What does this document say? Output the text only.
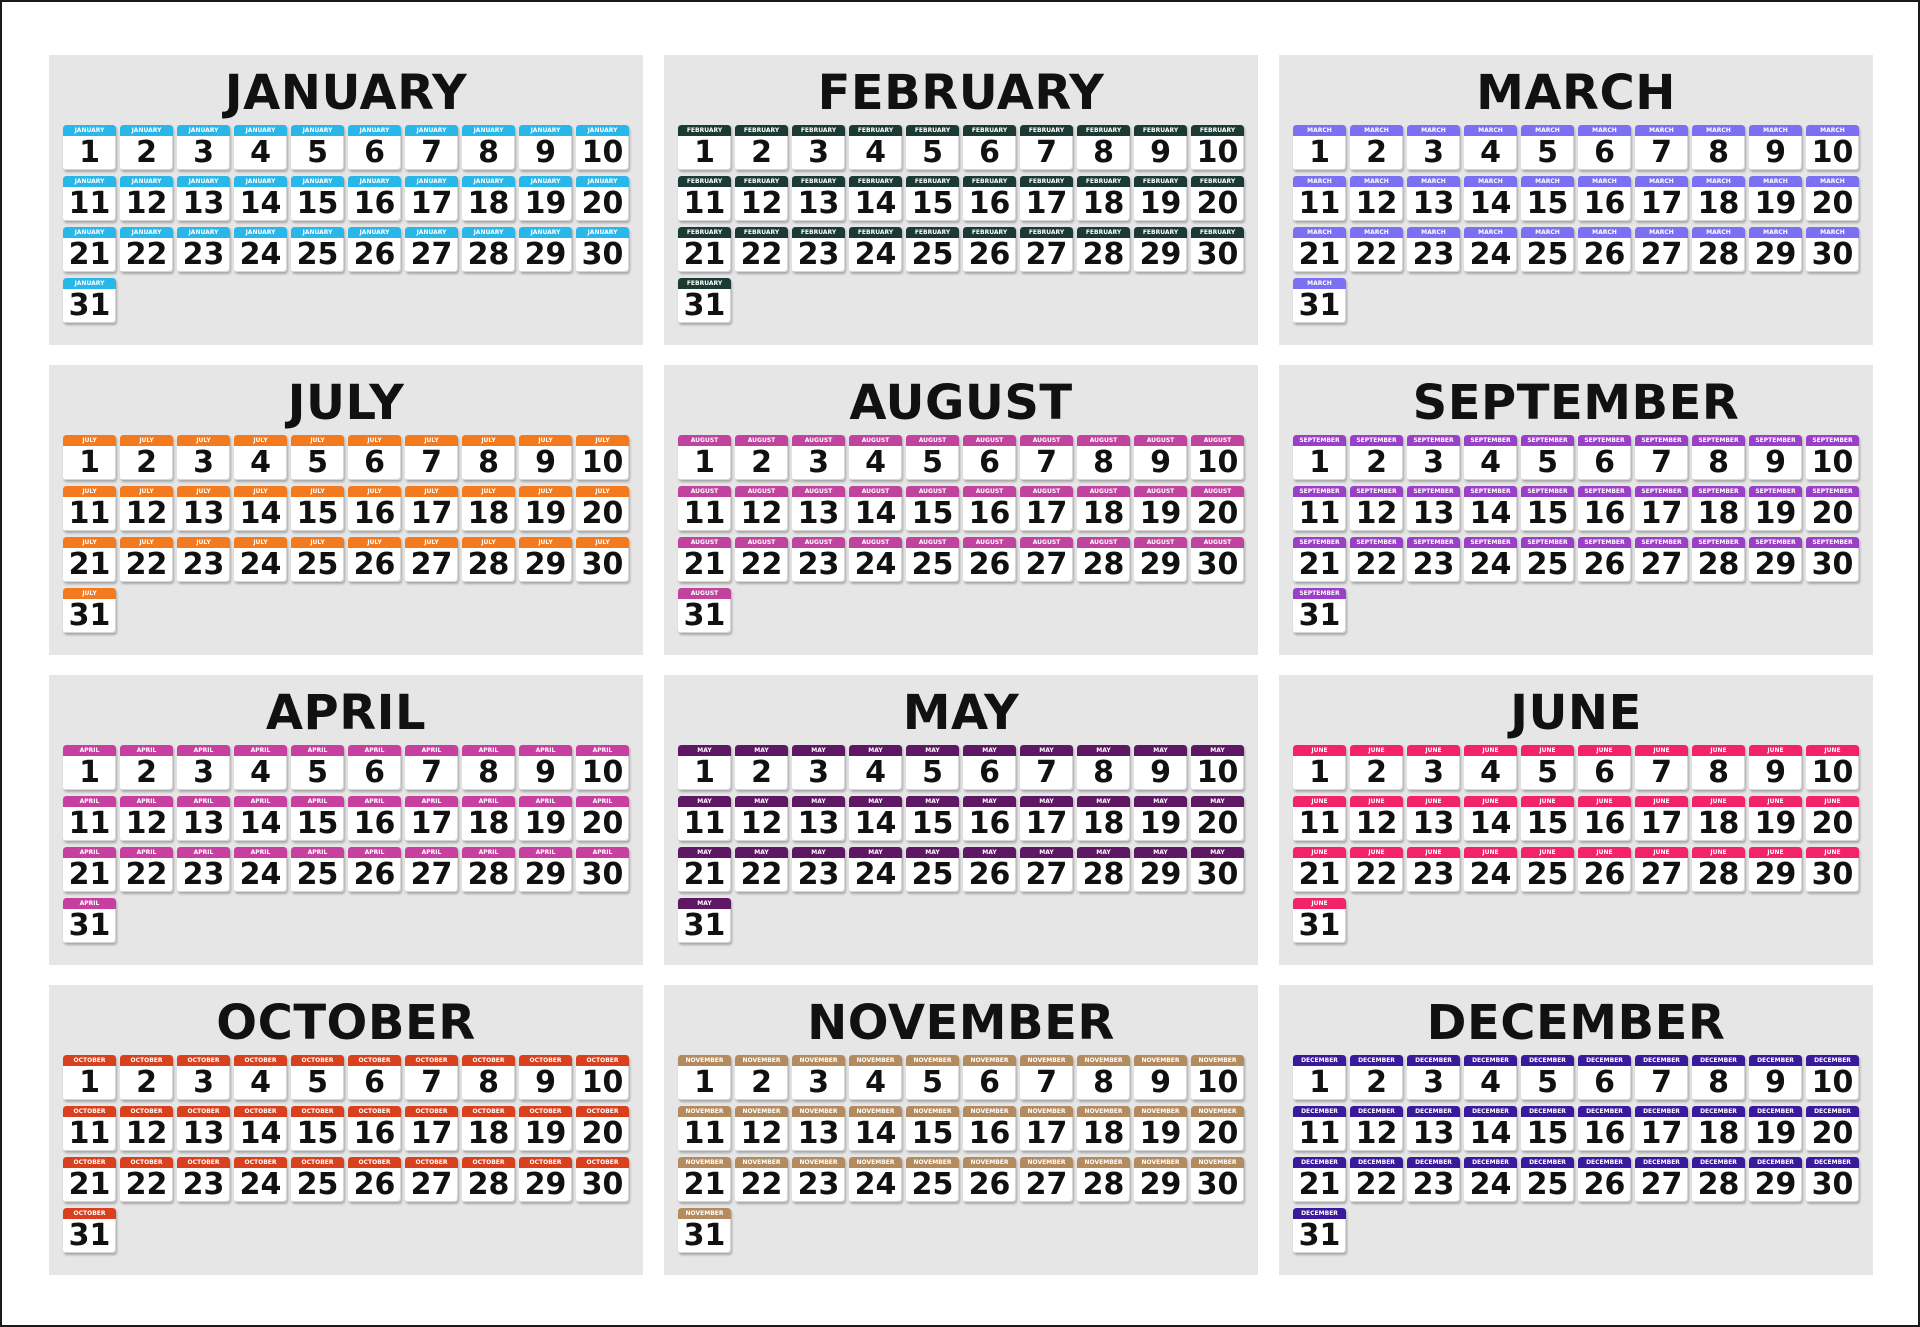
JANUARY
JANUARY
1
JANUARY
2
JANUARY
3
JANUARY
4
JANUARY
5
JANUARY
6
JANUARY
7
JANUARY
8
JANUARY
9
JANUARY
10
JANUARY
11
JANUARY
12
JANUARY
13
JANUARY
14
JANUARY
15
JANUARY
16
JANUARY
17
JANUARY
18
JANUARY
19
JANUARY
20
JANUARY
21
JANUARY
22
JANUARY
23
JANUARY
24
JANUARY
25
JANUARY
26
JANUARY
27
JANUARY
28
JANUARY
29
JANUARY
30
JANUARY
31
FEBRUARY
FEBRUARY
1
FEBRUARY
2
FEBRUARY
3
FEBRUARY
4
FEBRUARY
5
FEBRUARY
6
FEBRUARY
7
FEBRUARY
8
FEBRUARY
9
FEBRUARY
10
FEBRUARY
11
FEBRUARY
12
FEBRUARY
13
FEBRUARY
14
FEBRUARY
15
FEBRUARY
16
FEBRUARY
17
FEBRUARY
18
FEBRUARY
19
FEBRUARY
20
FEBRUARY
21
FEBRUARY
22
FEBRUARY
23
FEBRUARY
24
FEBRUARY
25
FEBRUARY
26
FEBRUARY
27
FEBRUARY
28
FEBRUARY
29
FEBRUARY
30
FEBRUARY
31
MARCH
MARCH
1
MARCH
2
MARCH
3
MARCH
4
MARCH
5
MARCH
6
MARCH
7
MARCH
8
MARCH
9
MARCH
10
MARCH
11
MARCH
12
MARCH
13
MARCH
14
MARCH
15
MARCH
16
MARCH
17
MARCH
18
MARCH
19
MARCH
20
MARCH
21
MARCH
22
MARCH
23
MARCH
24
MARCH
25
MARCH
26
MARCH
27
MARCH
28
MARCH
29
MARCH
30
MARCH
31
JULY
JULY
1
JULY
2
JULY
3
JULY
4
JULY
5
JULY
6
JULY
7
JULY
8
JULY
9
JULY
10
JULY
11
JULY
12
JULY
13
JULY
14
JULY
15
JULY
16
JULY
17
JULY
18
JULY
19
JULY
20
JULY
21
JULY
22
JULY
23
JULY
24
JULY
25
JULY
26
JULY
27
JULY
28
JULY
29
JULY
30
JULY
31
AUGUST
AUGUST
1
AUGUST
2
AUGUST
3
AUGUST
4
AUGUST
5
AUGUST
6
AUGUST
7
AUGUST
8
AUGUST
9
AUGUST
10
AUGUST
11
AUGUST
12
AUGUST
13
AUGUST
14
AUGUST
15
AUGUST
16
AUGUST
17
AUGUST
18
AUGUST
19
AUGUST
20
AUGUST
21
AUGUST
22
AUGUST
23
AUGUST
24
AUGUST
25
AUGUST
26
AUGUST
27
AUGUST
28
AUGUST
29
AUGUST
30
AUGUST
31
SEPTEMBER
SEPTEMBER
1
SEPTEMBER
2
SEPTEMBER
3
SEPTEMBER
4
SEPTEMBER
5
SEPTEMBER
6
SEPTEMBER
7
SEPTEMBER
8
SEPTEMBER
9
SEPTEMBER
10
SEPTEMBER
11
SEPTEMBER
12
SEPTEMBER
13
SEPTEMBER
14
SEPTEMBER
15
SEPTEMBER
16
SEPTEMBER
17
SEPTEMBER
18
SEPTEMBER
19
SEPTEMBER
20
SEPTEMBER
21
SEPTEMBER
22
SEPTEMBER
23
SEPTEMBER
24
SEPTEMBER
25
SEPTEMBER
26
SEPTEMBER
27
SEPTEMBER
28
SEPTEMBER
29
SEPTEMBER
30
SEPTEMBER
31
APRIL
APRIL
1
APRIL
2
APRIL
3
APRIL
4
APRIL
5
APRIL
6
APRIL
7
APRIL
8
APRIL
9
APRIL
10
APRIL
11
APRIL
12
APRIL
13
APRIL
14
APRIL
15
APRIL
16
APRIL
17
APRIL
18
APRIL
19
APRIL
20
APRIL
21
APRIL
22
APRIL
23
APRIL
24
APRIL
25
APRIL
26
APRIL
27
APRIL
28
APRIL
29
APRIL
30
APRIL
31
MAY
MAY
1
MAY
2
MAY
3
MAY
4
MAY
5
MAY
6
MAY
7
MAY
8
MAY
9
MAY
10
MAY
11
MAY
12
MAY
13
MAY
14
MAY
15
MAY
16
MAY
17
MAY
18
MAY
19
MAY
20
MAY
21
MAY
22
MAY
23
MAY
24
MAY
25
MAY
26
MAY
27
MAY
28
MAY
29
MAY
30
MAY
31
JUNE
JUNE
1
JUNE
2
JUNE
3
JUNE
4
JUNE
5
JUNE
6
JUNE
7
JUNE
8
JUNE
9
JUNE
10
JUNE
11
JUNE
12
JUNE
13
JUNE
14
JUNE
15
JUNE
16
JUNE
17
JUNE
18
JUNE
19
JUNE
20
JUNE
21
JUNE
22
JUNE
23
JUNE
24
JUNE
25
JUNE
26
JUNE
27
JUNE
28
JUNE
29
JUNE
30
JUNE
31
OCTOBER
OCTOBER
1
OCTOBER
2
OCTOBER
3
OCTOBER
4
OCTOBER
5
OCTOBER
6
OCTOBER
7
OCTOBER
8
OCTOBER
9
OCTOBER
10
OCTOBER
11
OCTOBER
12
OCTOBER
13
OCTOBER
14
OCTOBER
15
OCTOBER
16
OCTOBER
17
OCTOBER
18
OCTOBER
19
OCTOBER
20
OCTOBER
21
OCTOBER
22
OCTOBER
23
OCTOBER
24
OCTOBER
25
OCTOBER
26
OCTOBER
27
OCTOBER
28
OCTOBER
29
OCTOBER
30
OCTOBER
31
NOVEMBER
NOVEMBER
1
NOVEMBER
2
NOVEMBER
3
NOVEMBER
4
NOVEMBER
5
NOVEMBER
6
NOVEMBER
7
NOVEMBER
8
NOVEMBER
9
NOVEMBER
10
NOVEMBER
11
NOVEMBER
12
NOVEMBER
13
NOVEMBER
14
NOVEMBER
15
NOVEMBER
16
NOVEMBER
17
NOVEMBER
18
NOVEMBER
19
NOVEMBER
20
NOVEMBER
21
NOVEMBER
22
NOVEMBER
23
NOVEMBER
24
NOVEMBER
25
NOVEMBER
26
NOVEMBER
27
NOVEMBER
28
NOVEMBER
29
NOVEMBER
30
NOVEMBER
31
DECEMBER
DECEMBER
1
DECEMBER
2
DECEMBER
3
DECEMBER
4
DECEMBER
5
DECEMBER
6
DECEMBER
7
DECEMBER
8
DECEMBER
9
DECEMBER
10
DECEMBER
11
DECEMBER
12
DECEMBER
13
DECEMBER
14
DECEMBER
15
DECEMBER
16
DECEMBER
17
DECEMBER
18
DECEMBER
19
DECEMBER
20
DECEMBER
21
DECEMBER
22
DECEMBER
23
DECEMBER
24
DECEMBER
25
DECEMBER
26
DECEMBER
27
DECEMBER
28
DECEMBER
29
DECEMBER
30
DECEMBER
31
